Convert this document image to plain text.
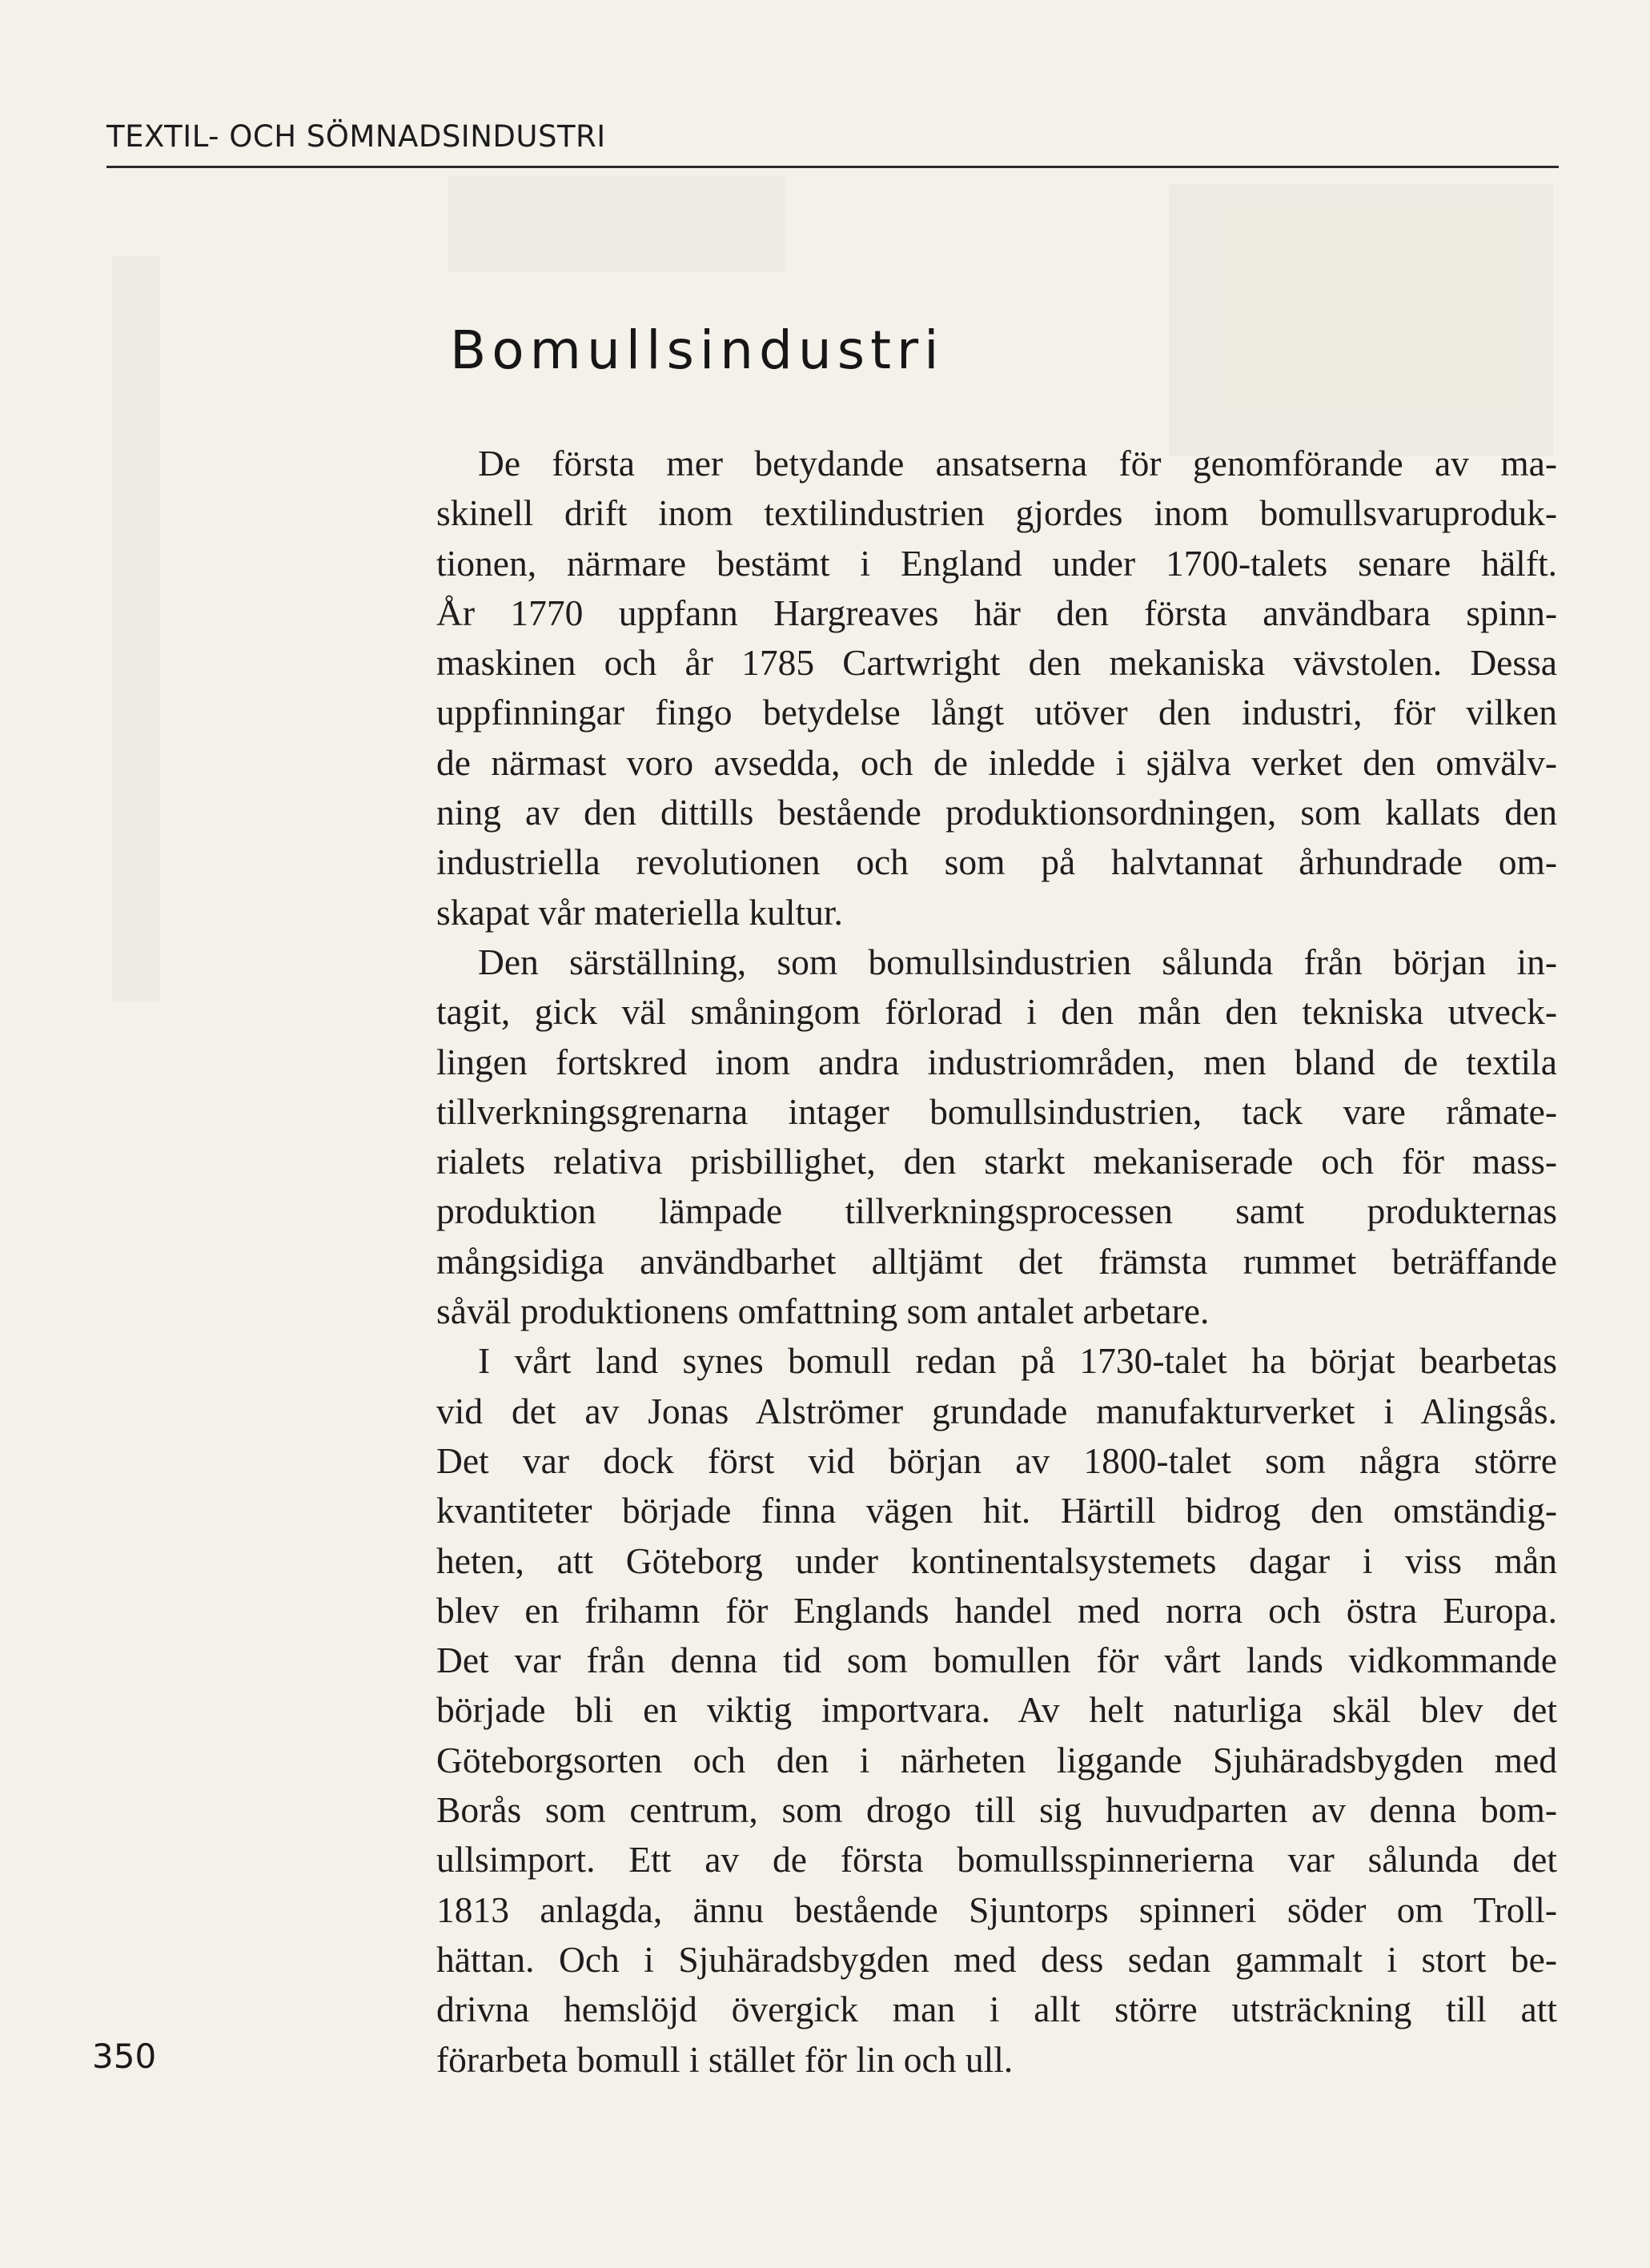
TEXTIL- OCH SÖMNADSINDUSTRI
Bomullsindustri
De första mer betydande ansatserna för genomförande av ma-
skinell drift inom textilindustrien gjordes inom bomullsvaruproduk-
tionen, närmare bestämt i England under 1700-talets senare hälft.
År 1770 uppfann Hargreaves här den första användbara spinn-
maskinen och år 1785 Cartwright den mekaniska vävstolen. Dessa
uppfinningar fingo betydelse långt utöver den industri, för vilken
de närmast voro avsedda, och de inledde i själva verket den omvälv-
ning av den dittills bestående produktionsordningen, som kallats den
industriella revolutionen och som på halvtannat århundrade om-
skapat vår materiella kultur.
Den särställning, som bomullsindustrien sålunda från början in-
tagit, gick väl småningom förlorad i den mån den tekniska utveck-
lingen fortskred inom andra industriområden, men bland de textila
tillverkningsgrenarna intager bomullsindustrien, tack vare råmate-
rialets relativa prisbillighet, den starkt mekaniserade och för mass-
produktion lämpade tillverkningsprocessen samt produkternas
mångsidiga användbarhet alltjämt det främsta rummet beträffande
såväl produktionens omfattning som antalet arbetare.
I vårt land synes bomull redan på 1730-talet ha börjat bearbetas
vid det av Jonas Alströmer grundade manufakturverket i Alingsås.
Det var dock först vid början av 1800-talet som några större
kvantiteter började finna vägen hit. Härtill bidrog den omständig-
heten, att Göteborg under kontinentalsystemets dagar i viss mån
blev en frihamn för Englands handel med norra och östra Europa.
Det var från denna tid som bomullen för vårt lands vidkommande
började bli en viktig importvara. Av helt naturliga skäl blev det
Göteborgsorten och den i närheten liggande Sjuhäradsbygden med
Borås som centrum, som drogo till sig huvudparten av denna bom-
ullsimport. Ett av de första bomullsspinnerierna var sålunda det
1813 anlagda, ännu bestående Sjuntorps spinneri söder om Troll-
hättan. Och i Sjuhäradsbygden med dess sedan gammalt i stort be-
drivna hemslöjd övergick man i allt större utsträckning till att
förarbeta bomull i stället för lin och ull.
350
